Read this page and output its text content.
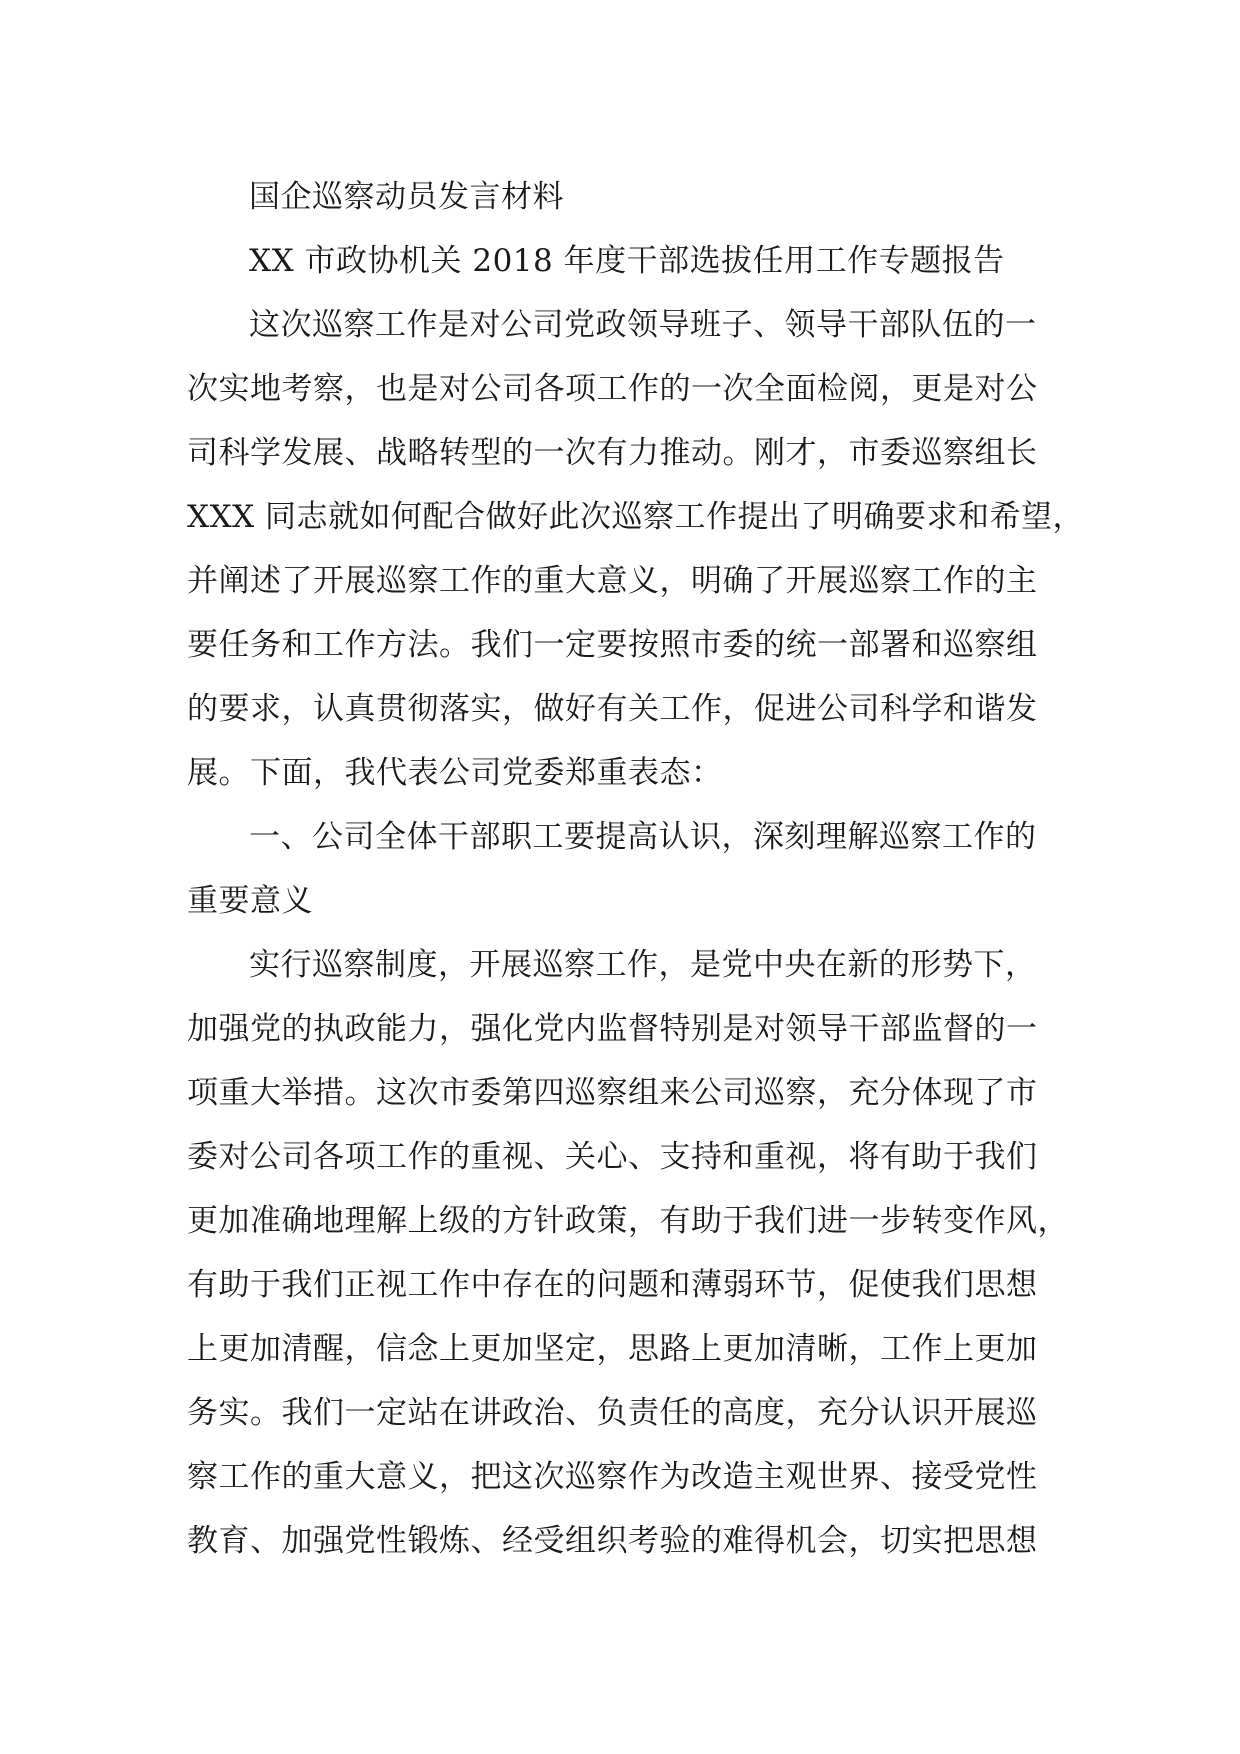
国企巡察动员发言材料

XX 市政协机关 2018 年度干部选拔任用工作专题报告

这次巡察工作是对公司党政领导班子、领导干部队伍的一

次实地考察，也是对公司各项工作的一次全面检阅，更是对公

司科学发展、战略转型的一次有力推动。刚才，市委巡察组长

XXX 同志就如何配合做好此次巡察工作提出了明确要求和希望，

并阐述了开展巡察工作的重大意义，明确了开展巡察工作的主

要任务和工作方法。我们一定要按照市委的统一部署和巡察组

的要求，认真贯彻落实，做好有关工作，促进公司科学和谐发

展。下面，我代表公司党委郑重表态：

一、公司全体干部职工要提高认识，深刻理解巡察工作的

重要意义

实行巡察制度，开展巡察工作，是党中央在新的形势下，

加强党的执政能力，强化党内监督特别是对领导干部监督的一

项重大举措。这次市委第四巡察组来公司巡察，充分体现了市

委对公司各项工作的重视、关心、支持和重视，将有助于我们

更加准确地理解上级的方针政策，有助于我们进一步转变作风，

有助于我们正视工作中存在的问题和薄弱环节，促使我们思想

上更加清醒，信念上更加坚定，思路上更加清晰，工作上更加

务实。我们一定站在讲政治、负责任的高度，充分认识开展巡

察工作的重大意义，把这次巡察作为改造主观世界、接受党性

教育、加强党性锻炼、经受组织考验的难得机会，切实把思想
